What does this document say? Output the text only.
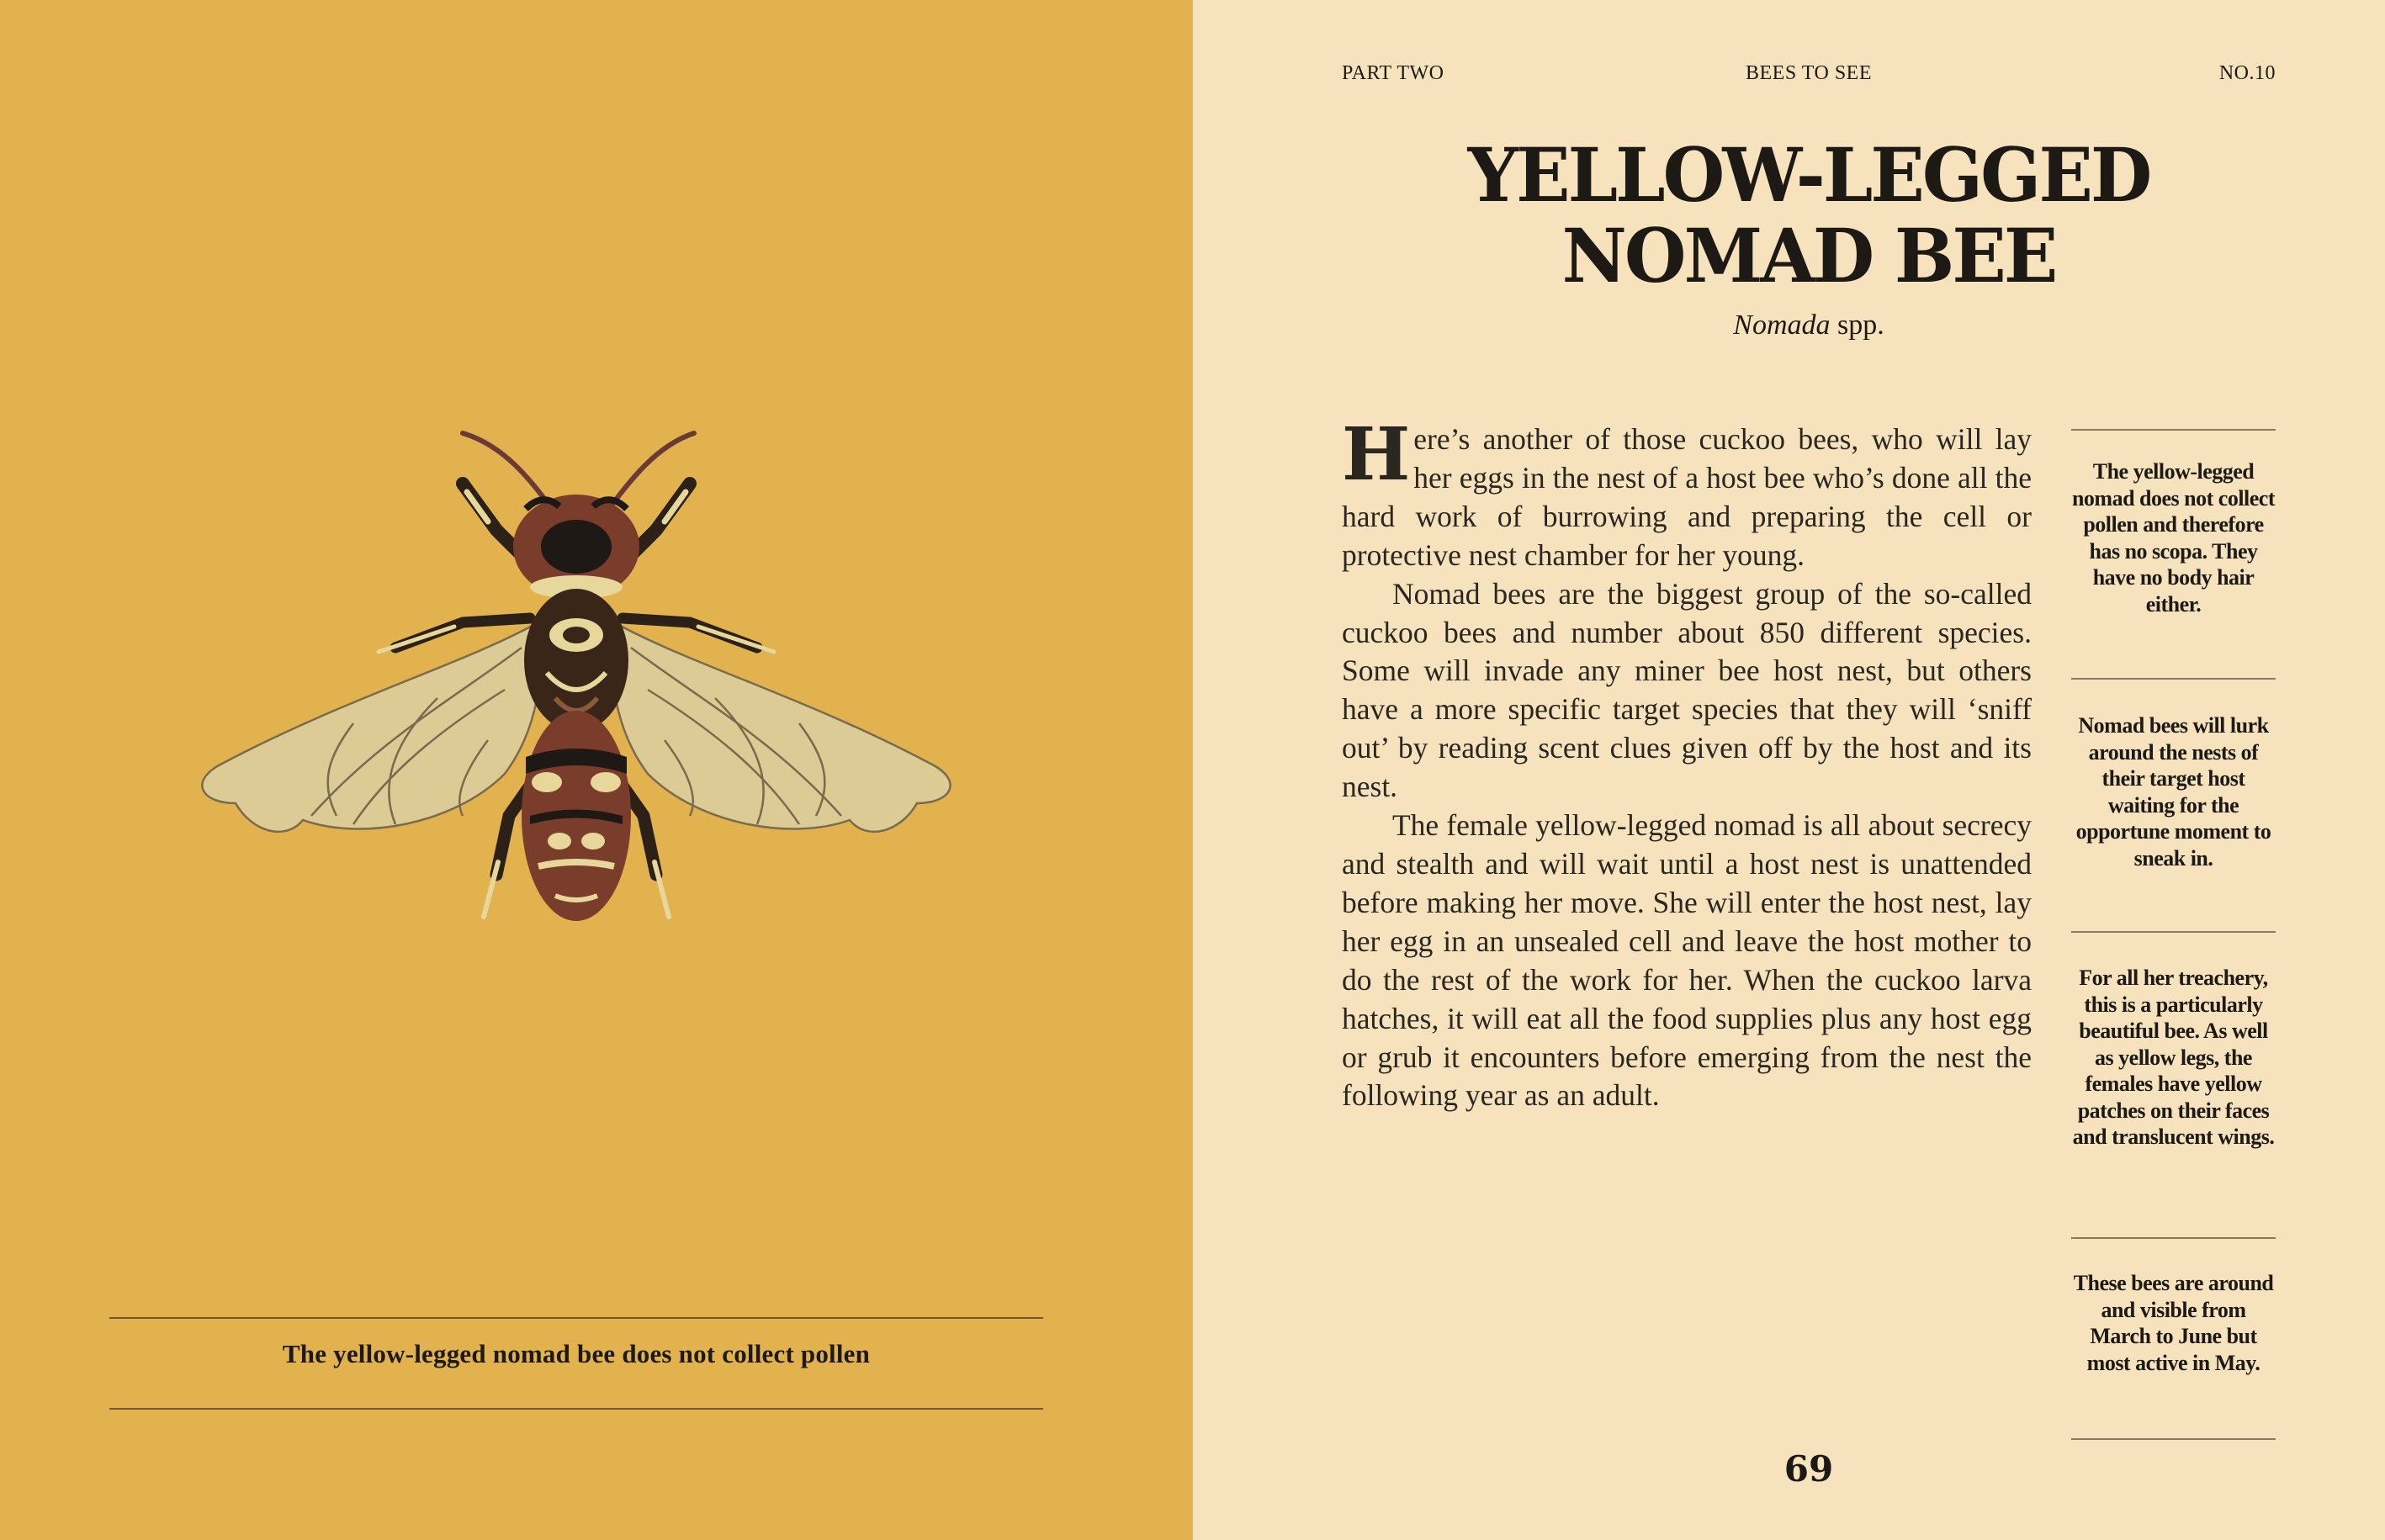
The yellow-legged nomad bee does not collect pollen
PART TWO	BEES TO SEE	NO.10
YELLOW-LEGGED
NOMAD BEE
Nomada spp.

Here’s another of those cuckoo bees, who will lay her eggs in the nest of a host bee who’s done all the hard work of burrowing and preparing the cell or protective nest chamber for her young.

Nomad bees are the biggest group of the so-called cuckoo bees and number about 850 different species. Some will invade any miner bee host nest, but others have a more specific target species that they will ‘sniff out’ by reading scent clues given off by the host and its nest.

The female yellow-legged nomad is all about secrecy and stealth and will wait until a host nest is unattended before making her move. She will enter the host nest, lay her egg in an unsealed cell and leave the host mother to do the rest of the work for her. When the cuckoo larva hatches, it will eat all the food supplies plus any host egg or grub it encounters before emerging from the nest the following year as an adult.

The yellow-legged nomad does not collect pollen and therefore has no scopa. They have no body hair either.
Nomad bees will lurk around the nests of their target host waiting for the opportune moment to sneak in.
For all her treachery, this is a particularly beautiful bee. As well as yellow legs, the females have yellow patches on their faces and translucent wings.
These bees are around and visible from March to June but most active in May.
69
